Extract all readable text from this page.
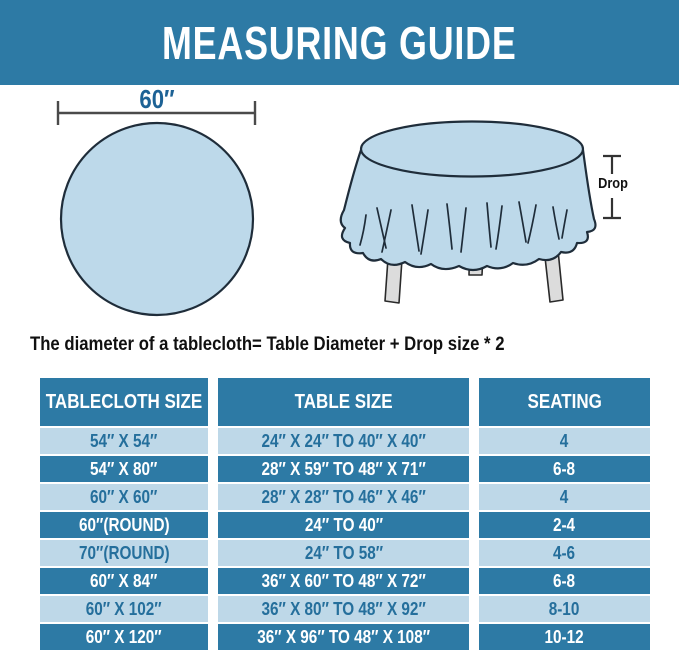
MEASURING GUIDE
60″
Drop
The diameter of a tablecloth= Table Diameter + Drop size * 2
TABLECLOTH SIZE	TABLE SIZE	SEATING
54″ X 54″	24″ X 24″ TO 40″ X 40″	4
54″ X 80″	28″ X 59″ TO 48″ X 71″	6-8
60″ X 60″	28″ X 28″ TO 46″ X 46″	4
60″(ROUND)	24″ TO 40″	2-4
70″(ROUND)	24″ TO 58″	4-6
60″ X 84″	36″ X 60″ TO 48″ X 72″	6-8
60″ X 102″	36″ X 80″ TO 48″ X 92″	8-10
60″ X 120″	36″ X 96″ TO 48″ X 108″	10-12
